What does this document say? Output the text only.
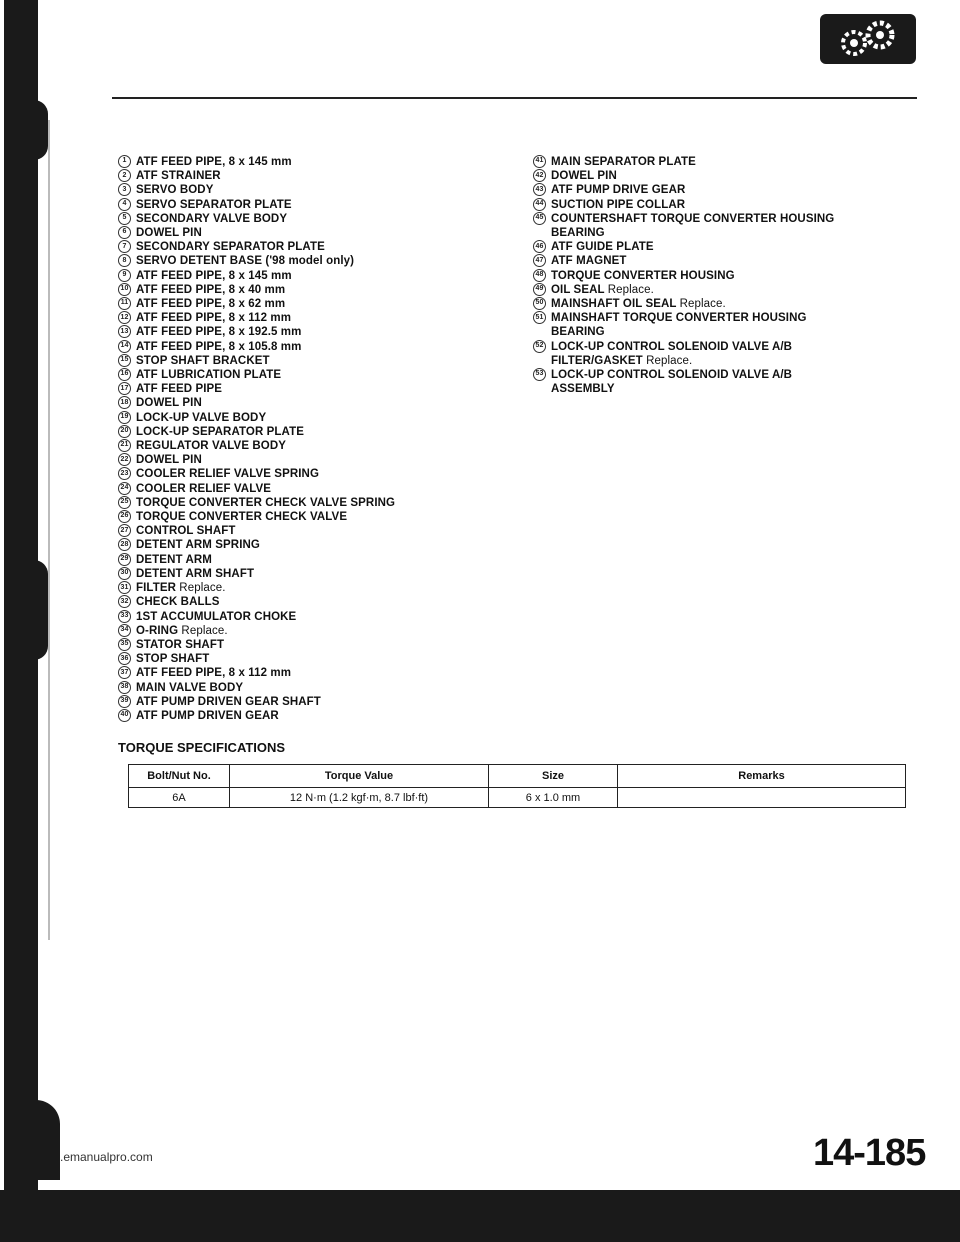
1 ATF FEED PIPE, 8 x 145 mm
2 ATF STRAINER
3 SERVO BODY
4 SERVO SEPARATOR PLATE
5 SECONDARY VALVE BODY
6 DOWEL PIN
7 SECONDARY SEPARATOR PLATE
8 SERVO DETENT BASE ('98 model only)
9 ATF FEED PIPE, 8 x 145 mm
10 ATF FEED PIPE, 8 x 40 mm
11 ATF FEED PIPE, 8 x 62 mm
12 ATF FEED PIPE, 8 x 112 mm
13 ATF FEED PIPE, 8 x 192.5 mm
14 ATF FEED PIPE, 8 x 105.8 mm
15 STOP SHAFT BRACKET
16 ATF LUBRICATION PLATE
17 ATF FEED PIPE
18 DOWEL PIN
19 LOCK-UP VALVE BODY
20 LOCK-UP SEPARATOR PLATE
21 REGULATOR VALVE BODY
22 DOWEL PIN
23 COOLER RELIEF VALVE SPRING
24 COOLER RELIEF VALVE
25 TORQUE CONVERTER CHECK VALVE SPRING
26 TORQUE CONVERTER CHECK VALVE
27 CONTROL SHAFT
28 DETENT ARM SPRING
29 DETENT ARM
30 DETENT ARM SHAFT
31 FILTER Replace.
32 CHECK BALLS
33 1ST ACCUMULATOR CHOKE
34 O-RING Replace.
35 STATOR SHAFT
36 STOP SHAFT
37 ATF FEED PIPE, 8 x 112 mm
38 MAIN VALVE BODY
39 ATF PUMP DRIVEN GEAR SHAFT
40 ATF PUMP DRIVEN GEAR
41 MAIN SEPARATOR PLATE
42 DOWEL PIN
43 ATF PUMP DRIVE GEAR
44 SUCTION PIPE COLLAR
45 COUNTERSHAFT TORQUE CONVERTER HOUSING
BEARING
46 ATF GUIDE PLATE
47 ATF MAGNET
48 TORQUE CONVERTER HOUSING
49 OIL SEAL Replace.
50 MAINSHAFT OIL SEAL Replace.
51 MAINSHAFT TORQUE CONVERTER HOUSING
BEARING
52 LOCK-UP CONTROL SOLENOID VALVE A/B
FILTER/GASKET Replace.
53 LOCK-UP CONTROL SOLENOID VALVE A/B
ASSEMBLY
TORQUE SPECIFICATIONS
Bolt/Nut No.	Torque Value	Size	Remarks
6A	12 N·m (1.2 kgf·m, 8.7 lbf·ft)	6 x 1.0 mm	
14-185
.emanualpro.com
